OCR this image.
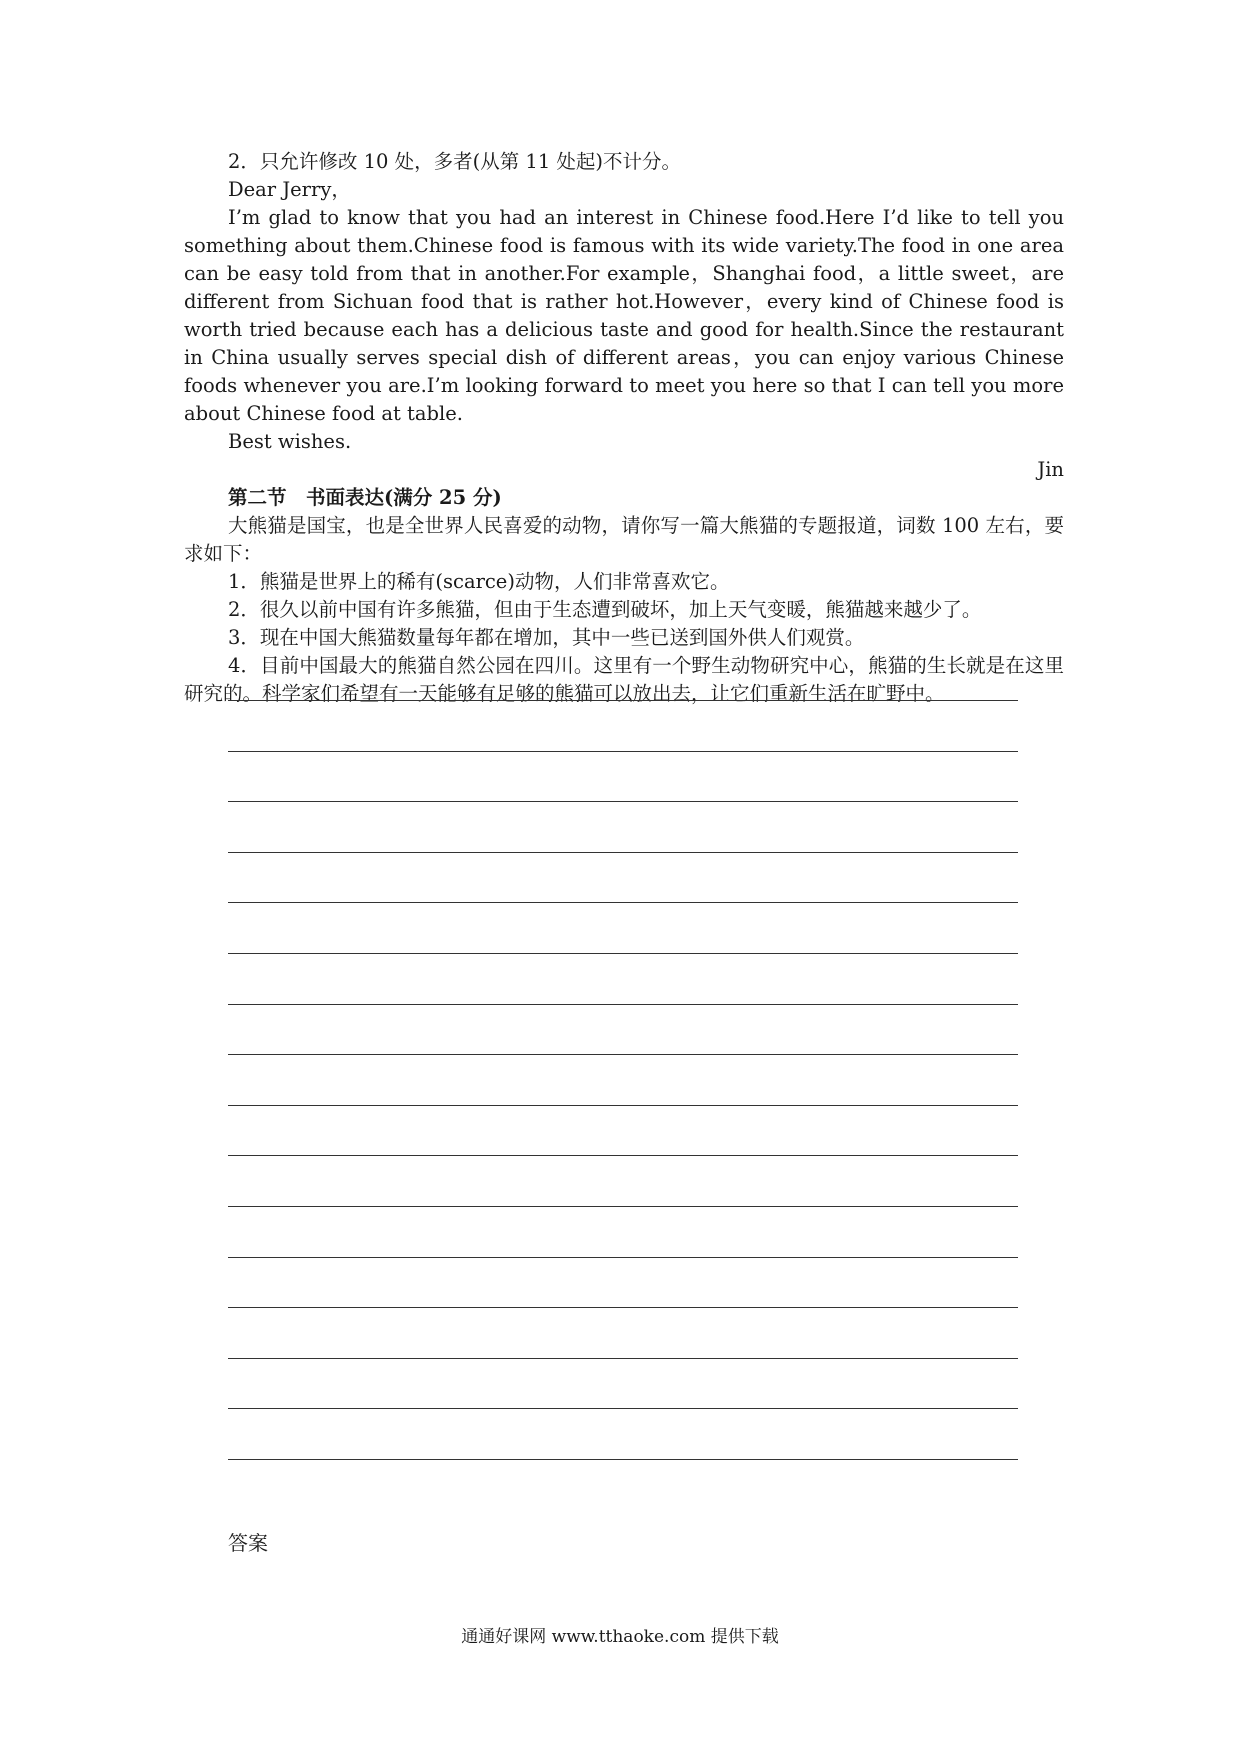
2．只允许修改 10 处，多者(从第 11 处起)不计分。

Dear Jerry，

I’m glad to know that you had an interest in Chinese food.Here I’d like to tell you something about them.Chinese food is famous with its wide variety.The food in one area can be easy told from that in another.For example，Shanghai food，a little sweet，are different from Sichuan food that is rather hot.However，every kind of Chinese food is worth tried because each has a delicious taste and good for health.Since the restaurant in China usually serves special dish of different areas，you can enjoy various Chinese foods whenever you are.I’m looking forward to meet you here so that I can tell you more about Chinese food at table.

Best wishes.

Jin

第二节　书面表达(满分 25 分)

大熊猫是国宝，也是全世界人民喜爱的动物，请你写一篇大熊猫的专题报道，词数 100 左右，要求如下：

1．熊猫是世界上的稀有(scarce)动物，人们非常喜欢它。

2．很久以前中国有许多熊猫，但由于生态遭到破坏，加上天气变暖，熊猫越来越少了。

3．现在中国大熊猫数量每年都在增加，其中一些已送到国外供人们观赏。

4．目前中国最大的熊猫自然公园在四川。这里有一个野生动物研究中心，熊猫的生长就是在这里研究的。科学家们希望有一天能够有足够的熊猫可以放出去，让它们重新生活在旷野中。

答案
通通好课网 www.tthaoke.com 提供下载
